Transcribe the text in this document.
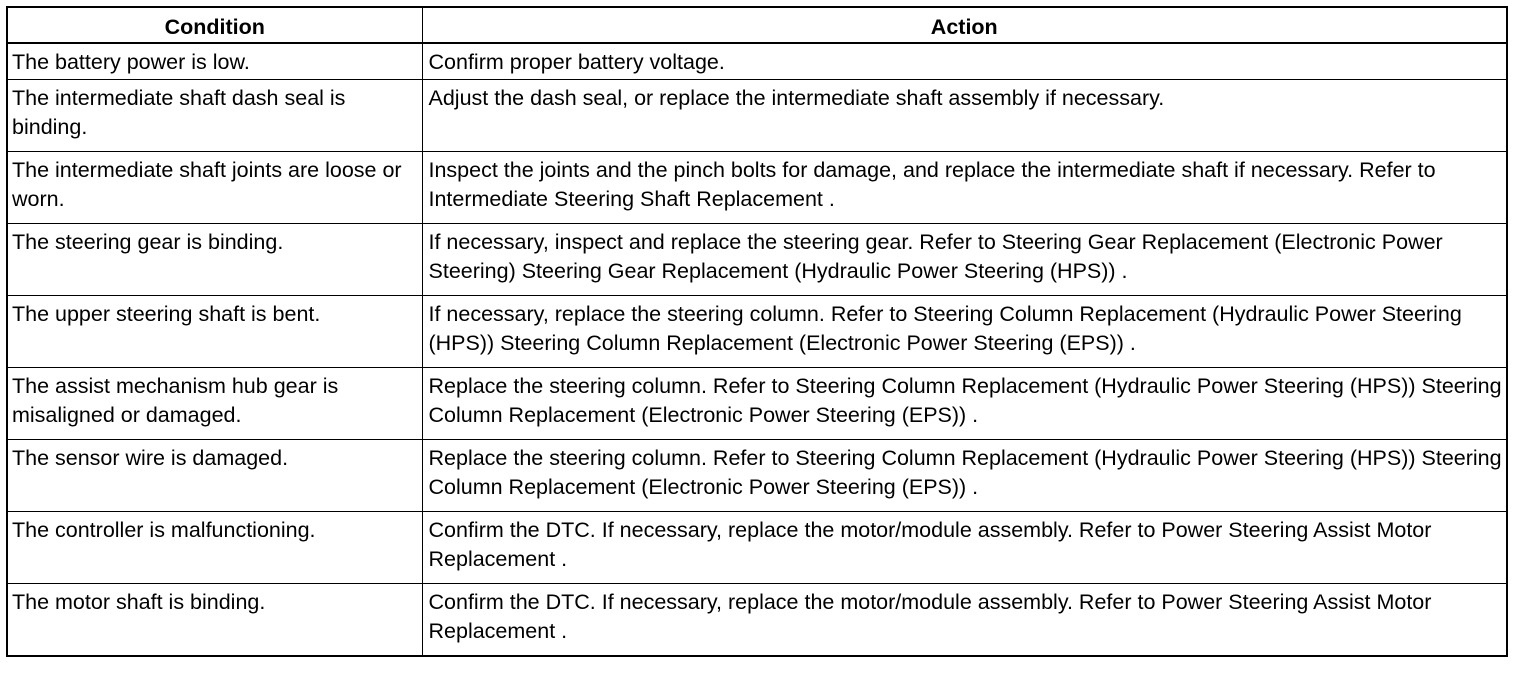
Condition	Action
The battery power is low.	Confirm proper battery voltage.
The intermediate shaft dash seal is binding.	Adjust the dash seal, or replace the intermediate shaft assembly if necessary.
The intermediate shaft joints are loose or worn.	Inspect the joints and the pinch bolts for damage, and replace the intermediate shaft if necessary. Refer to Intermediate Steering Shaft Replacement .
The steering gear is binding.	If necessary, inspect and replace the steering gear. Refer to Steering Gear Replacement (Electronic Power Steering) Steering Gear Replacement (Hydraulic Power Steering (HPS)) .
The upper steering shaft is bent.	If necessary, replace the steering column. Refer to Steering Column Replacement (Hydraulic Power Steering (HPS)) Steering Column Replacement (Electronic Power Steering (EPS)) .
The assist mechanism hub gear is misaligned or damaged.	Replace the steering column. Refer to Steering Column Replacement (Hydraulic Power Steering (HPS)) Steering Column Replacement (Electronic Power Steering (EPS)) .
The sensor wire is damaged.	Replace the steering column. Refer to Steering Column Replacement (Hydraulic Power Steering (HPS)) Steering Column Replacement (Electronic Power Steering (EPS)) .
The controller is malfunctioning.	Confirm the DTC. If necessary, replace the motor/module assembly. Refer to Power Steering Assist Motor Replacement .
The motor shaft is binding.	Confirm the DTC. If necessary, replace the motor/module assembly. Refer to Power Steering Assist Motor Replacement .
